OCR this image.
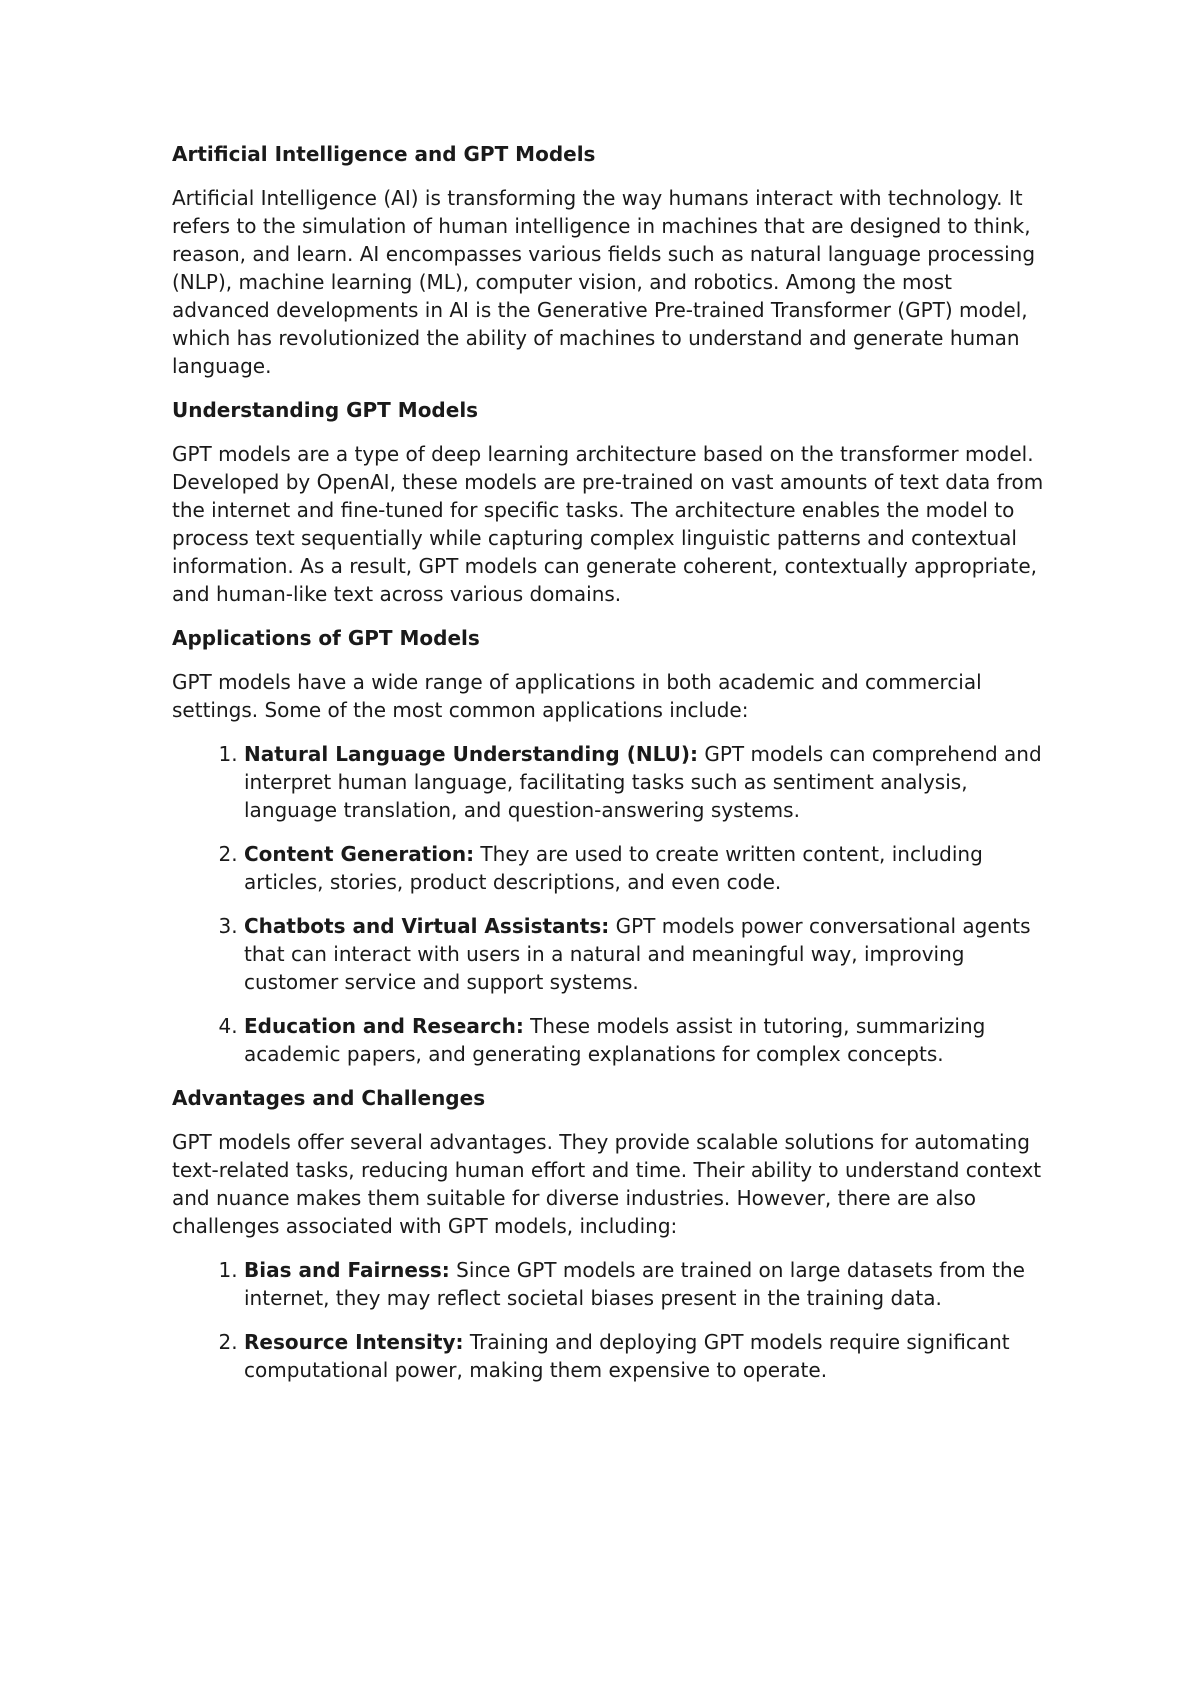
Artificial Intelligence and GPT Models

Artificial Intelligence (AI) is transforming the way humans interact with technology. It refers to the simulation of human intelligence in machines that are designed to think, reason, and learn. AI encompasses various fields such as natural language processing (NLP), machine learning (ML), computer vision, and robotics. Among the most advanced developments in AI is the Generative Pre-trained Transformer (GPT) model, which has revolutionized the ability of machines to understand and generate human language.

Understanding GPT Models

GPT models are a type of deep learning architecture based on the transformer model. Developed by OpenAI, these models are pre-trained on vast amounts of text data from the internet and fine-tuned for specific tasks. The architecture enables the model to process text sequentially while capturing complex linguistic patterns and contextual information. As a result, GPT models can generate coherent, contextually appropriate, and human-like text across various domains.

Applications of GPT Models

GPT models have a wide range of applications in both academic and commercial settings. Some of the most common applications include:

1. Natural Language Understanding (NLU): GPT models can comprehend and interpret human language, facilitating tasks such as sentiment analysis, language translation, and question-answering systems.
2. Content Generation: They are used to create written content, including articles, stories, product descriptions, and even code.
3. Chatbots and Virtual Assistants: GPT models power conversational agents that can interact with users in a natural and meaningful way, improving customer service and support systems.
4. Education and Research: These models assist in tutoring, summarizing academic papers, and generating explanations for complex concepts.
Advantages and Challenges

GPT models offer several advantages. They provide scalable solutions for automating text-related tasks, reducing human effort and time. Their ability to understand context and nuance makes them suitable for diverse industries. However, there are also challenges associated with GPT models, including:

1. Bias and Fairness: Since GPT models are trained on large datasets from the internet, they may reflect societal biases present in the training data.
2. Resource Intensity: Training and deploying GPT models require significant computational power, making them expensive to operate.
